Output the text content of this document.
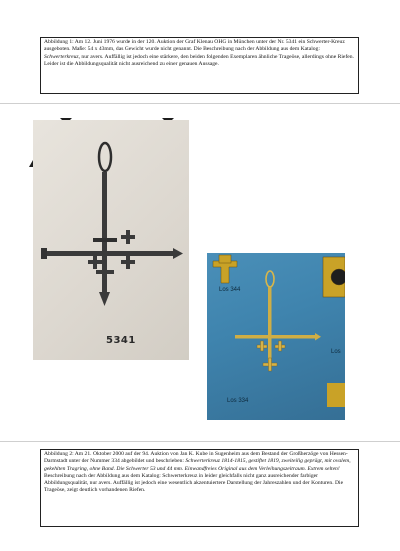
Abbildung 1: Am 12. Juni 1976 wurde in der 120. Auktion der Graf Klenau OHG in München unter der Nr. 5341 ein Schwerter-Kreuz ausgeboten. Maße: 54 x 43mm, das Gewicht wurde nicht genannt. Die Beschreibung nach der Abbildung aus dem Katalog: Schwerterkreuz, nur avers. Auffällig ist jedoch eine stärkere, den beiden folgenden Exemplaren ähnliche Trageöse, allerdings ohne Riefen. Leider ist die Abbildungsqualität nicht ausreichend zu einer genauen Aussage.
5341
Los 344
Los 334
Los
Abbildung 2: Am 21. Oktober 2000 auf der 94. Auktion von Jan K. Kube in Sugenheim aus dem Bestand der Großherzöge von Hessen-Darmstadt unter der Nummer 334 abgebildet und beschrieben: Schwerterkreuz 1814-1815, gestiftet 1819, zweiteilig geprägt, mit ovalem, gekehlten Tragring, ohne Band. Die Schwerter 53 und 44 mm. Einwandfreies Original aus dem Verleihungszeitraum. Extrem selten! Beschreibung nach der Abbildung aus dem Katalog: Schwerterkreuz in leider gleichfalls nicht ganz ausreichender farbiger Abbildungsqualität, nur avers. Auffällig ist jedoch eine wesentlich akzentuiertere Darstellung der Jahreszahlen und der Konturen. Die Trageöse, zeigt deutlich vorhandenen Riefen.
